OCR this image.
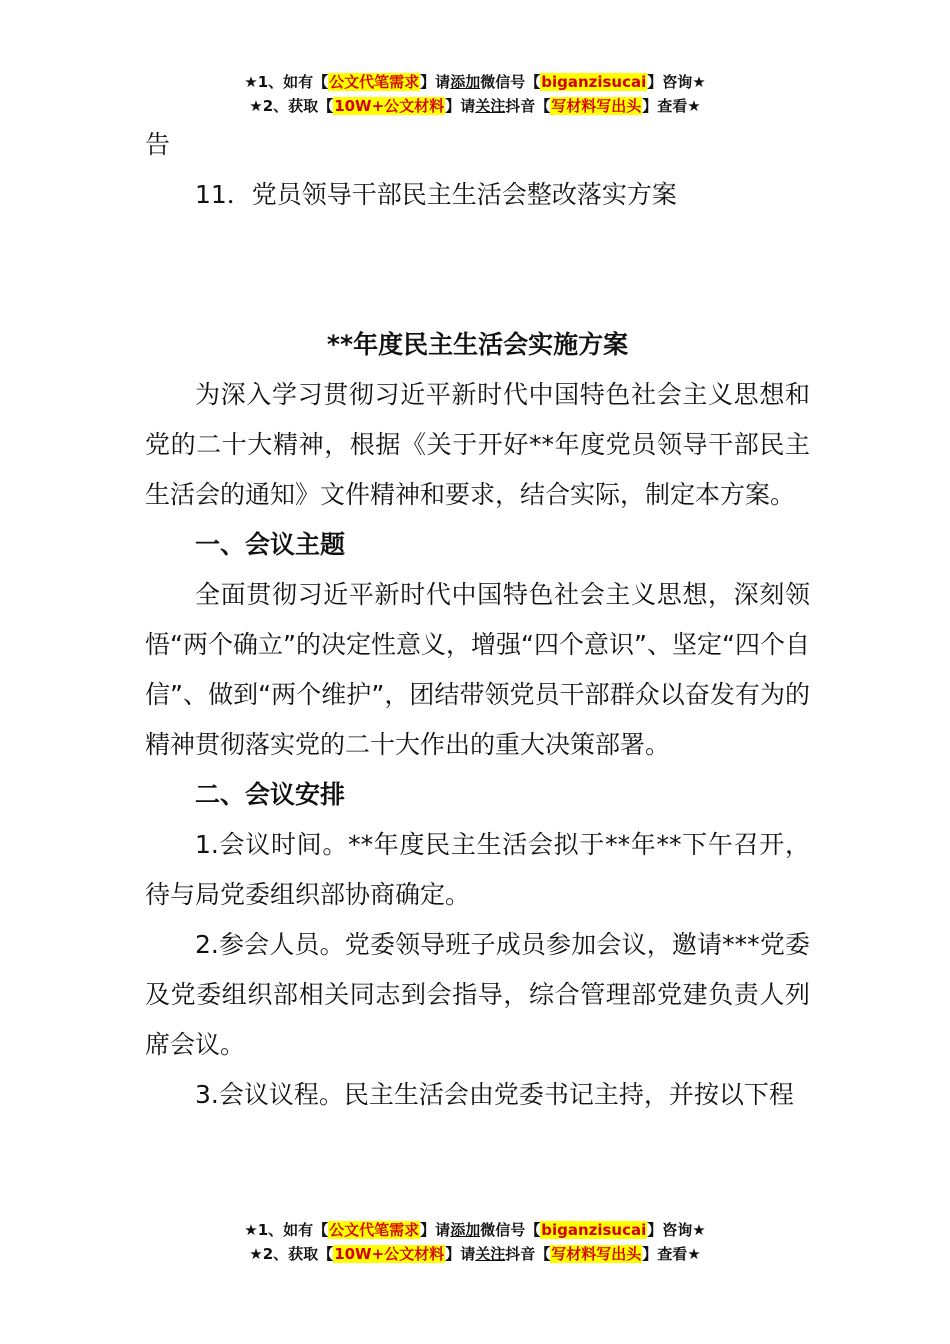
★1、如有【公文代笔需求】请添加微信号【biganzisucai】咨询★
★2、获取【10W+公文材料】请关注抖音【写材料写出头】查看★

告

11．党员领导干部民主生活会整改落实方案

**年度民主生活会实施方案

为深入学习贯彻习近平新时代中国特色社会主义思想和党的二十大精神，根据《关于开好**年度党员领导干部民主生活会的通知》文件精神和要求，结合实际，制定本方案。

一、会议主题

全面贯彻习近平新时代中国特色社会主义思想，深刻领悟“两个确立”的决定性意义，增强“四个意识”、坚定“四个自信”、做到“两个维护”，团结带领党员干部群众以奋发有为的精神贯彻落实党的二十大作出的重大决策部署。

二、会议安排

1.会议时间。**年度民主生活会拟于**年**下午召开，待与局党委组织部协商确定。

2.参会人员。党委领导班子成员参加会议，邀请***党委及党委组织部相关同志到会指导，综合管理部党建负责人列席会议。

3.会议议程。民主生活会由党委书记主持，并按以下程

★1、如有【公文代笔需求】请添加微信号【biganzisucai】咨询★
★2、获取【10W+公文材料】请关注抖音【写材料写出头】查看★
